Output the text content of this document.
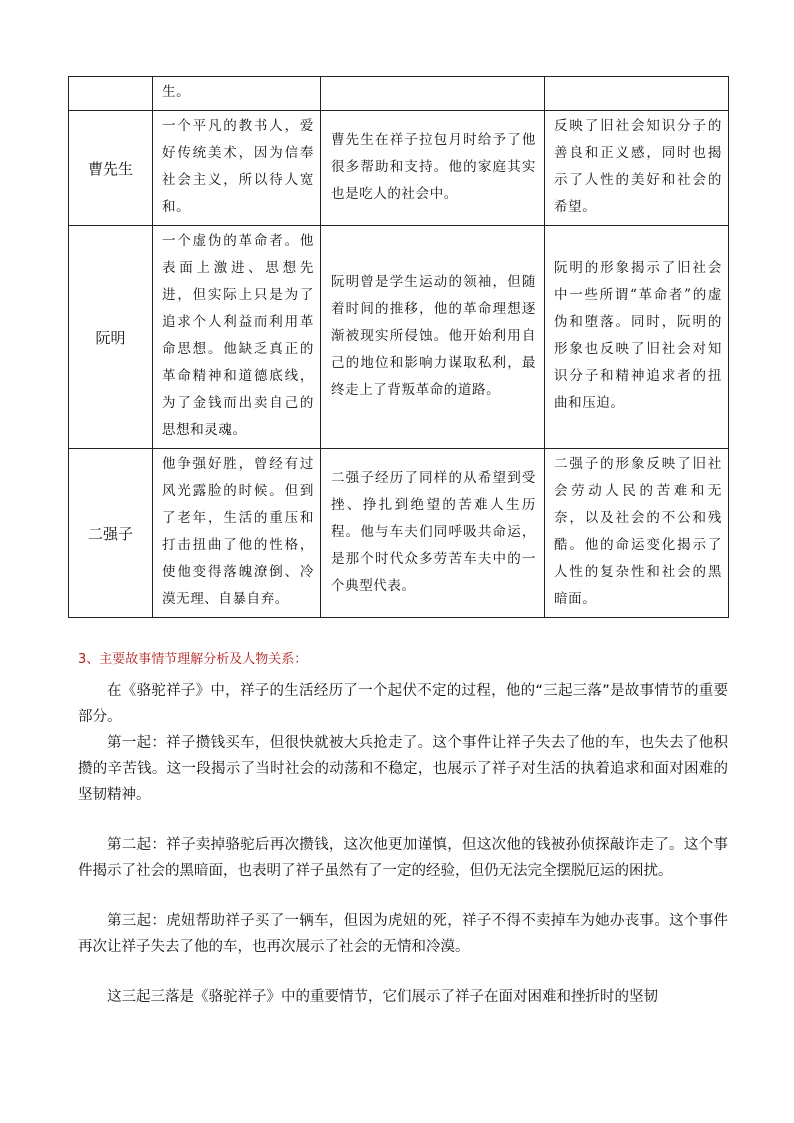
	生。		
曹先生	一个平凡的教书人，爱好传统美术，因为信奉社会主义，所以待人宽和。	曹先生在祥子拉包月时给予了他很多帮助和支持。他的家庭其实也是吃人的社会中。	反映了旧社会知识分子的善良和正义感，同时也揭示了人性的美好和社会的希望。
阮明	一个虚伪的革命者。他表面上激进、思想先进，但实际上只是为了追求个人利益而利用革命思想。他缺乏真正的革命精神和道德底线，为了金钱而出卖自己的思想和灵魂。	阮明曾是学生运动的领袖，但随着时间的推移，他的革命理想逐渐被现实所侵蚀。他开始利用自己的地位和影响力谋取私利，最终走上了背叛革命的道路。	阮明的形象揭示了旧社会中一些所谓“革命者”的虚伪和堕落。同时，阮明的形象也反映了旧社会对知识分子和精神追求者的扭曲和压迫。
二强子	他争强好胜，曾经有过风光露脸的时候。但到了老年，生活的重压和打击扭曲了他的性格，使他变得落魄潦倒、冷漠无理、自暴自弃。	二强子经历了同样的从希望到受挫、挣扎到绝望的苦难人生历程。他与车夫们同呼吸共命运，是那个时代众多劳苦车夫中的一个典型代表。	二强子的形象反映了旧社会劳动人民的苦难和无奈，以及社会的不公和残酷。他的命运变化揭示了人性的复杂性和社会的黑暗面。
3、主要故事情节理解分析及人物关系：

在《骆驼祥子》中，祥子的生活经历了一个起伏不定的过程，他的“三起三落”是故事情节的重要部分。

第一起：祥子攒钱买车，但很快就被大兵抢走了。这个事件让祥子失去了他的车，也失去了他积攒的辛苦钱。这一段揭示了当时社会的动荡和不稳定，也展示了祥子对生活的执着追求和面对困难的坚韧精神。

第二起：祥子卖掉骆驼后再次攒钱，这次他更加谨慎，但这次他的钱被孙侦探敲诈走了。这个事件揭示了社会的黑暗面，也表明了祥子虽然有了一定的经验，但仍无法完全摆脱厄运的困扰。

第三起：虎妞帮助祥子买了一辆车，但因为虎妞的死，祥子不得不卖掉车为她办丧事。这个事件再次让祥子失去了他的车，也再次展示了社会的无情和冷漠。

这三起三落是《骆驼祥子》中的重要情节，它们展示了祥子在面对困难和挫折时的坚韧
